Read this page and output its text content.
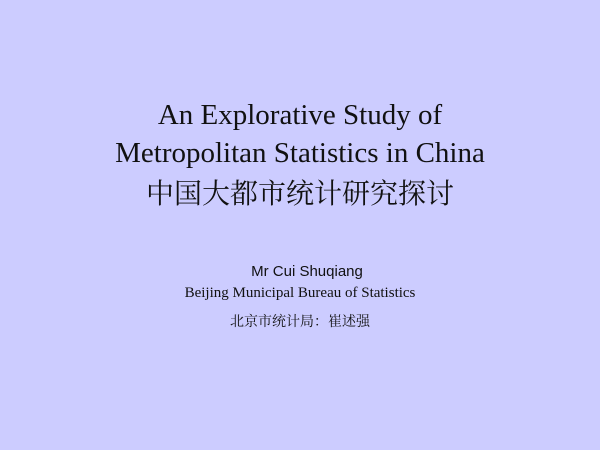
An Explorative Study of
Metropolitan Statistics in China
中国大都市统计研究探讨
Mr Cui Shuqiang
Beijing Municipal Bureau of Statistics
北京市统计局：崔述强
